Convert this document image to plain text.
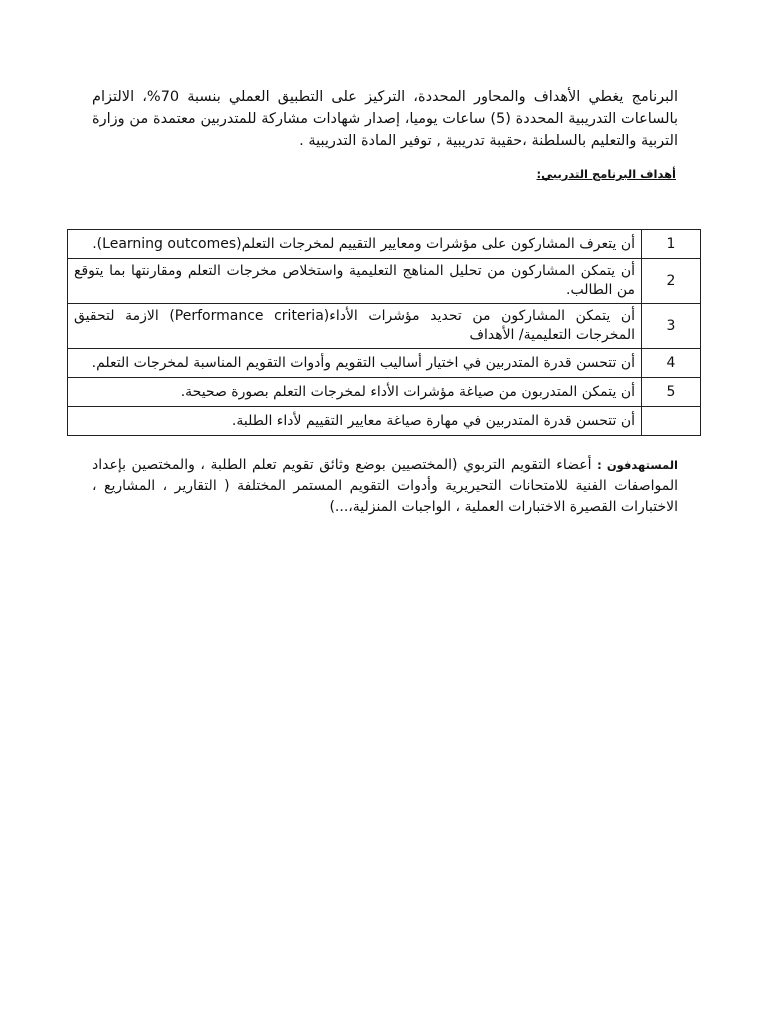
البرنامج يغطي الأهداف والمحاور المحددة، التركيز على التطبيق العملي بنسبة 70%، الالتزام بالساعات التدريبية المحددة (5) ساعات يوميا، إصدار شهادات مشاركة للمتدربين معتمدة من وزارة التربية والتعليم بالسلطنة ،حقيبة تدريبية , توفير المادة التدريبية .

أهداف البرنامج التدريبي:
1	أن يتعرف المشاركون على مؤشرات ومعايير التقييم لمخرجات التعلم(Learning outcomes).
2	أن يتمكن المشاركون من تحليل المناهج التعليمية واستخلاص مخرجات التعلم ومقارنتها بما يتوقع من الطالب.
3	أن يتمكن المشاركون من تحديد مؤشرات الأداء(Performance criteria) الازمة لتحقيق المخرجات التعليمية/ الأهداف
4	أن تتحسن قدرة المتدربين في اختيار أساليب التقويم وأدوات التقويم المناسبة لمخرجات التعلم.
5	أن يتمكن المتدربون من صياغة مؤشرات الأداء لمخرجات التعلم بصورة صحيحة.
	أن تتحسن قدرة المتدربين في مهارة صياغة معايير التقييم لأداء الطلبة.
المستهدفون : أعضاء التقويم التربوي (المختصيين بوضع وثائق تقويم تعلم الطلبة ، والمختصين بإعداد المواصفات الفنية للامتحانات التحيريرية وأدوات التقويم المستمر المختلفة ( التقارير ، المشاريع ، الاختبارات القصيرة الاختبارات العملية ، الواجبات المنزلية،...)
